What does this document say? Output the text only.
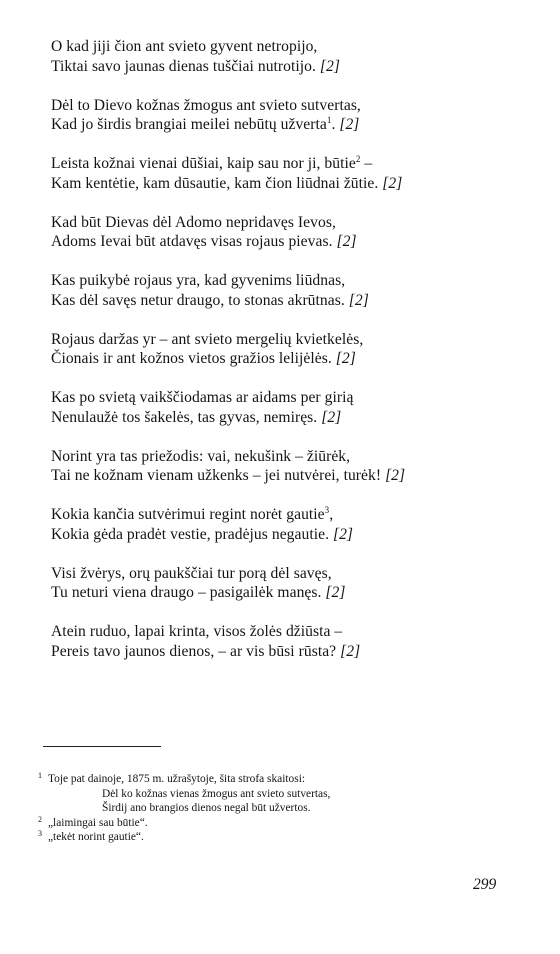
O kad jiji čion ant svieto gyvent netropijo,
Tiktai savo jaunas dienas tuščiai nutrotijo. [2]
Dėl to Dievo kožnas žmogus ant svieto sutvertas,
Kad jo širdis brangiai meilei nebūtų užverta$^1$. [2]
Leista kožnai vienai dūšiai, kaip sau nor ji, būtie$^2$ –
Kam kentėtie, kam dūsautie, kam čion liūdnai žūtie. [2]
Kad būt Dievas dėl Adomo nepridavęs Ievos,
Adoms Ievai būt atdavęs visas rojaus pievas. [2]
Kas puikybė rojaus yra, kad gyvenims liūdnas,
Kas dėl savęs netur draugo, to stonas akrūtnas. [2]
Rojaus daržas yr – ant svieto mergelių kvietkelės,
Čionais ir ant kožnos vietos gražios lelijėlės. [2]
Kas po svietą vaikščiodamas ar aidams per girią
Nenulaužė tos šakelės, tas gyvas, nemiręs. [2]
Norint yra tas priežodis: vai, nekušink – žiūrėk,
Tai ne kožnam vienam užkenks – jei nutvėrei, turėk! [2]
Kokia kančia sutvėrimui regint norėt gautie$^3$,
Kokia gėda pradėt vestie, pradėjus negautie. [2]
Visi žvėrys, orų paukščiai tur porą dėl savęs,
Tu neturi viena draugo – pasigailėk manęs. [2]
Atein ruduo, lapai krinta, visos žolės džiūsta –
Pereis tavo jaunos dienos, – ar vis būsi rūsta? [2]
1 Toje pat dainoje, 1875 m. užrašytoje, šita strofa skaitosi:
Dėl ko kožnas vienas žmogus ant svieto sutvertas,
Širdij ano brangios dienos negal būt užvertos.
2 „laimingai sau būtie“.
3 „tekėt norint gautie“.
299
